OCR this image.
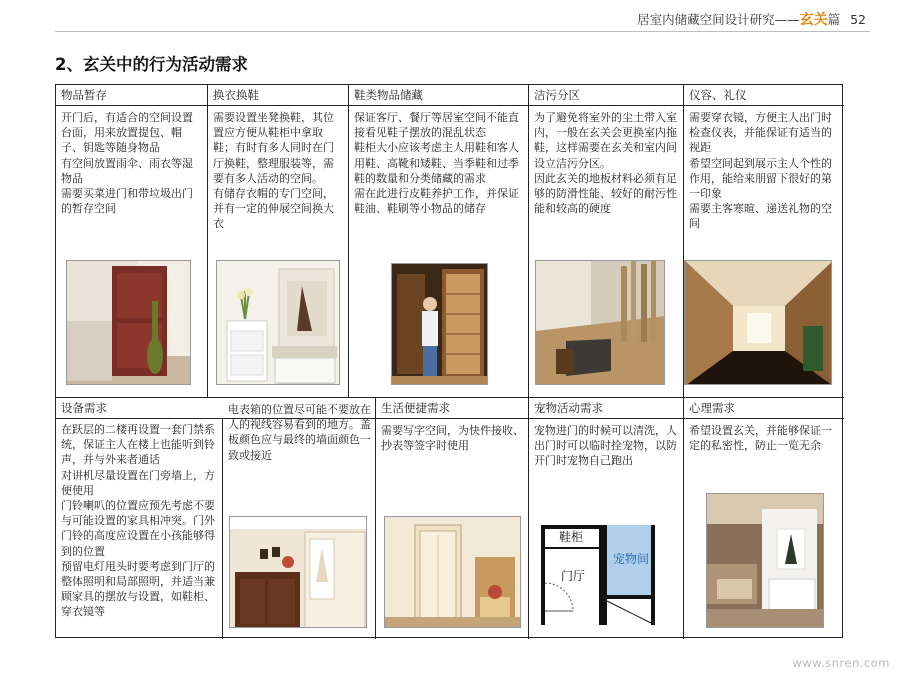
居室内储藏空间设计研究——玄关篇 52
2、玄关中的行为活动需求
物品暂存
开门后，有适合的空间设置台面，用来放置提包、帽子、钥匙等随身物品
有空间放置雨伞、雨衣等湿物品
需要买菜进门和带垃圾出门的暂存空间
换衣换鞋
需要设置坐凳换鞋，其位置应方便从鞋柜中拿取鞋；有时有多人同时在门厅换鞋，整理服装等，需要有多人活动的空间。
有储存衣帽的专门空间，并有一定的伸展空间换大衣
鞋类物品储藏
保证客厅、餐厅等居室空间不能直接看见鞋子摆放的混乱状态
鞋柜大小应该考虑主人用鞋和客人用鞋、高靴和矮鞋、当季鞋和过季鞋的数量和分类储藏的需求
需在此进行皮鞋养护工作，并保证鞋油、鞋刷等小物品的储存
洁污分区
为了避免将室外的尘土带入室内，一般在玄关会更换室内拖鞋，这样需要在玄关和室内间设立洁污分区。
因此玄关的地板材料必须有足够的防滑性能、较好的耐污性能和较高的硬度
仪容、礼仪
需要穿衣镜，方便主人出门时检查仪表，并能保证有适当的视距
希望空间起到展示主人个性的作用，能给来朋留下很好的第一印象
需要主客寒暄、递送礼物的空间
设备需求
在跃层的二楼再设置一套门禁系统，保证主人在楼上也能听到铃声，并与外来者通话
对讲机尽量设置在门旁墙上，方便使用
门铃喇叭的位置应预先考虑不要与可能设置的家具相冲突。门外门铃的高度应设置在小孩能够得到的位置
预留电灯甩头时要考虑到门厅的整体照明和局部照明，并适当兼顾家具的摆放与设置，如鞋柜、穿衣镜等
电表箱的位置尽可能不要放在人的视线容易看到的地方。盖板颜色应与最终的墙面颜色一致或接近
生活便捷需求
需要写字空间，为快件接收、抄表等签字时使用
宠物活动需求
宠物进门的时候可以清洗，人出门时可以临时拴宠物，以防开门时宠物自己跑出
鞋柜
宠物间
门厅
心理需求
希望设置玄关，并能够保证一定的私密性，防止一览无余
www.snren.com
